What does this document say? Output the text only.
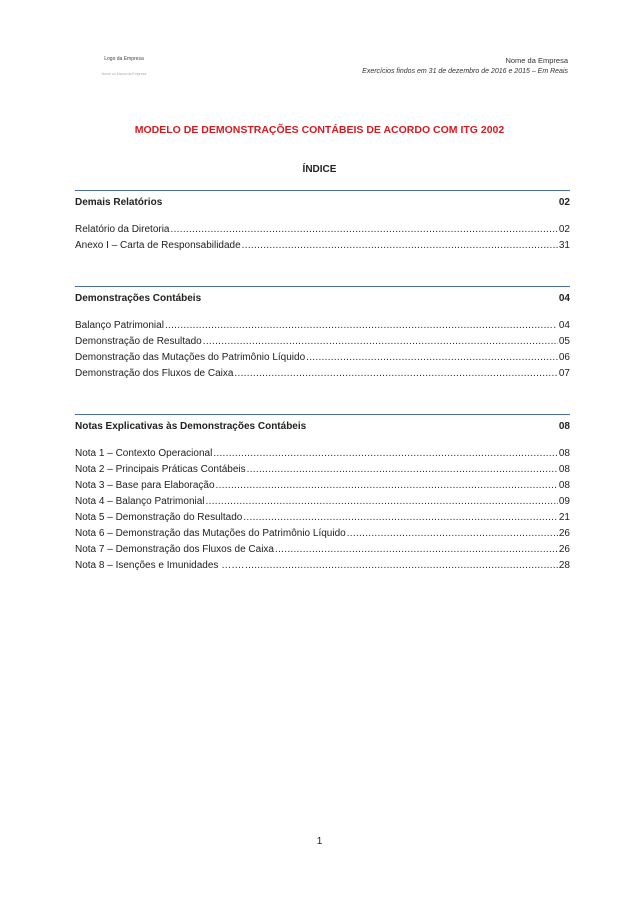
Logo da Empresa
Nome ou Marca da Empresa
Nome da Empresa
Exercícios findos em 31 de dezembro de 2016 e 2015 – Em Reais
MODELO DE DEMONSTRAÇÕES CONTÁBEIS DE ACORDO COM ITG 2002
ÍNDICE
Demais Relatórios	02
Relatório da Diretoria .....	02
Anexo I – Carta de Responsabilidade .....	31
Demonstrações Contábeis	04
Balanço Patrimonial .....	. 04
Demonstração de Resultado .....	05
Demonstração das Mutações do Patrimônio Líquido .....	06
Demonstração dos Fluxos de Caixa .....	07
Notas Explicativas às Demonstrações Contábeis	08
Nota 1 – Contexto Operacional .....	08
Nota 2 – Principais Práticas Contábeis .....	08
Nota 3 – Base para Elaboração .....	08
Nota 4 – Balanço Patrimonial .....	09
Nota 5 – Demonstração do Resultado .....	21
Nota 6 – Demonstração das Mutações do Patrimônio Líquido .....	26
Nota 7 – Demonstração dos Fluxos de Caixa .....	26
Nota 8 – Isenções e Imunidades ……. .....	28
1
